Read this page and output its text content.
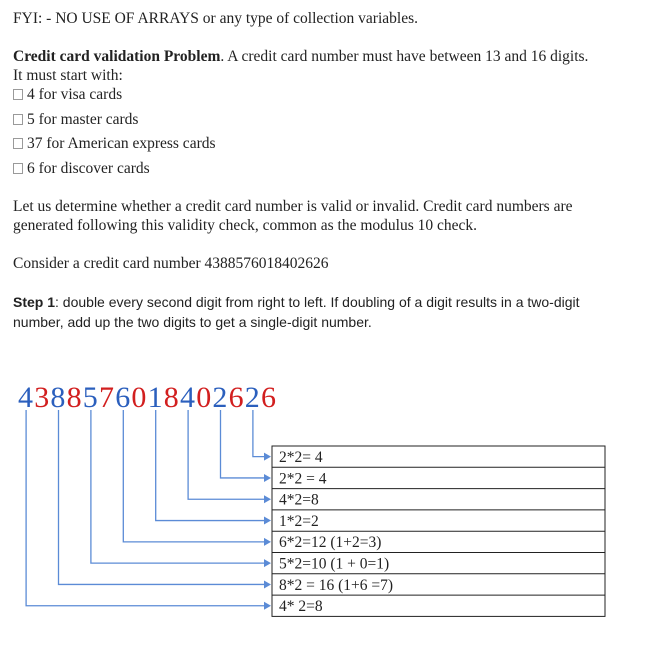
FYI: - NO USE OF ARRAYS or any type of collection variables.
Credit card validation Problem. A credit card number must have between 13 and 16 digits.
It must start with:
4 for visa cards
5 for master cards
37 for American express cards
6 for discover cards
Let us determine whether a credit card number is valid or invalid. Credit card numbers are
generated following this validity check, common as the modulus 10 check.
Consider a credit card number 4388576018402626
Step 1: double every second digit from right to left. If doubling of a digit results in a two-digit
number, add up the two digits to get a single-digit number.
4 3 8 8 5 7 6 0 1 8 4 0 2 6 2 6
2*2= 4
2*2 = 4
4*2=8
1*2=2
6*2=12 (1+2=3)
5*2=10 (1 + 0=1)
8*2 = 16 (1+6 =7)
4* 2=8
